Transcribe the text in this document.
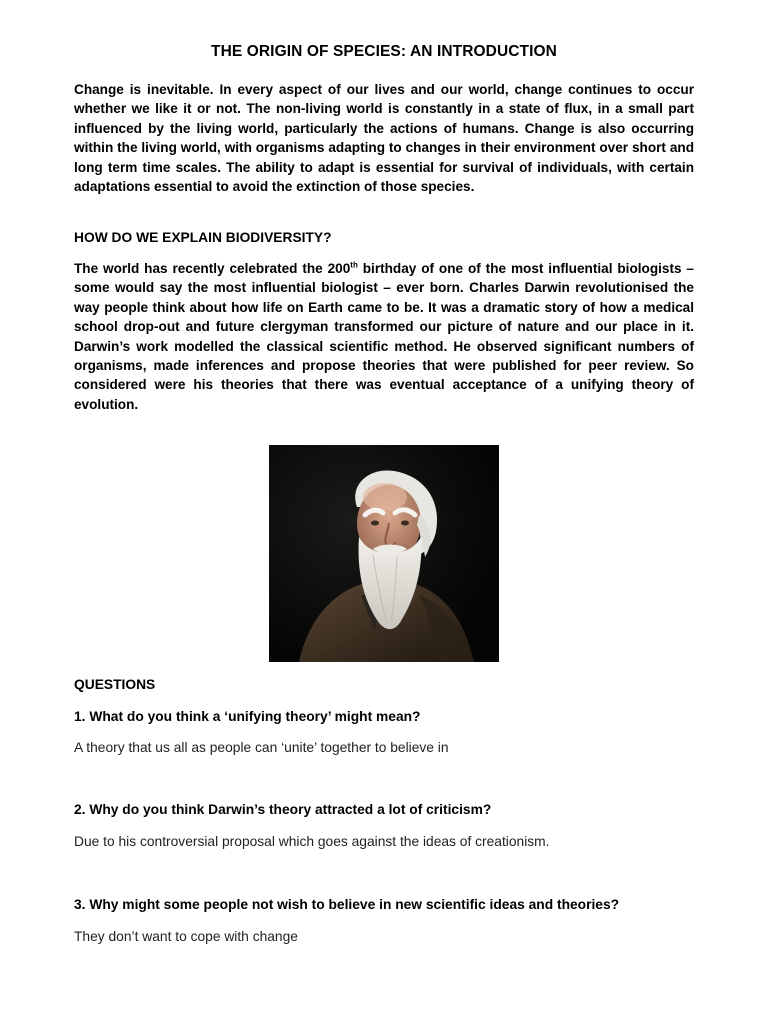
THE ORIGIN OF SPECIES: AN INTRODUCTION

Change is inevitable. In every aspect of our lives and our world, change continues to occur whether we like it or not. The non-living world is constantly in a state of flux, in a small part influenced by the living world, particularly the actions of humans. Change is also occurring within the living world, with organisms adapting to changes in their environment over short and long term time scales. The ability to adapt is essential for survival of individuals, with certain adaptations essential to avoid the extinction of those species.

HOW DO WE EXPLAIN BIODIVERSITY?

The world has recently celebrated the 200th birthday of one of the most influential biologists – some would say the most influential biologist – ever born. Charles Darwin revolutionised the way people think about how life on Earth came to be. It was a dramatic story of how a medical school drop-out and future clergyman transformed our picture of nature and our place in it. Darwin’s work modelled the classical scientific method. He observed significant numbers of organisms, made inferences and propose theories that were published for peer review. So considered were his theories that there was eventual acceptance of a unifying theory of evolution.

QUESTIONS

1. What do you think a ‘unifying theory’ might mean?

A theory that us all as people can ‘unite’ together to believe in

2. Why do you think Darwin’s theory attracted a lot of criticism?

Due to his controversial proposal which goes against the ideas of creationism.

3. Why might some people not wish to believe in new scientific ideas and theories?

They don’t want to cope with change
